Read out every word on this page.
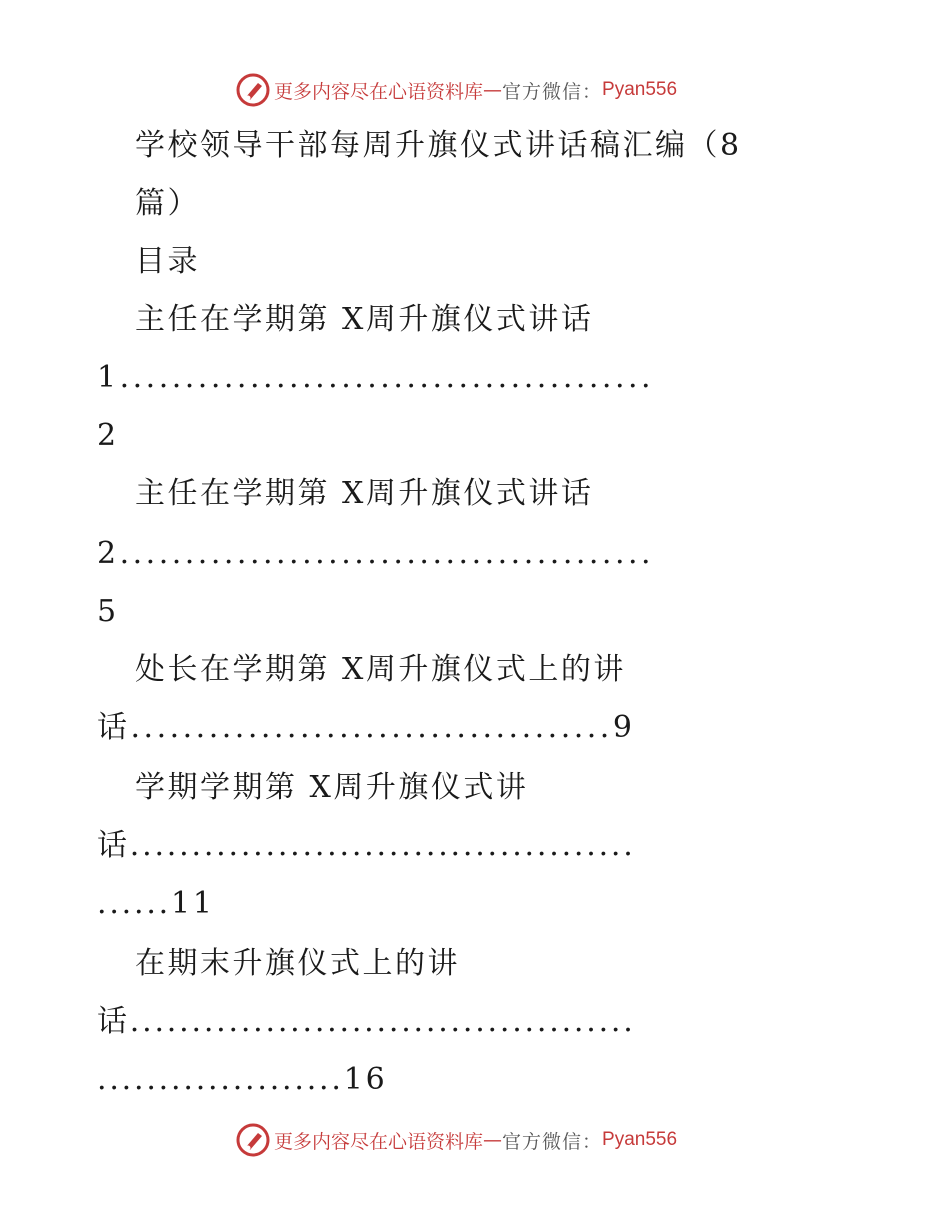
更多内容尽在心语资料库 — 官方微信： Pyan556
学校领导干部每周升旗仪式讲话稿汇编（8
篇）
目录
主任在学期第 X周升旗仪式讲话
1.........................................
2
主任在学期第 X周升旗仪式讲话
2.........................................
5
处长在学期第 X周升旗仪式上的讲
话.....................................9
学期学期第 X周升旗仪式讲
话.........................................
......11
在期末升旗仪式上的讲
话.........................................
....................16
更多内容尽在心语资料库 — 官方微信： Pyan556
